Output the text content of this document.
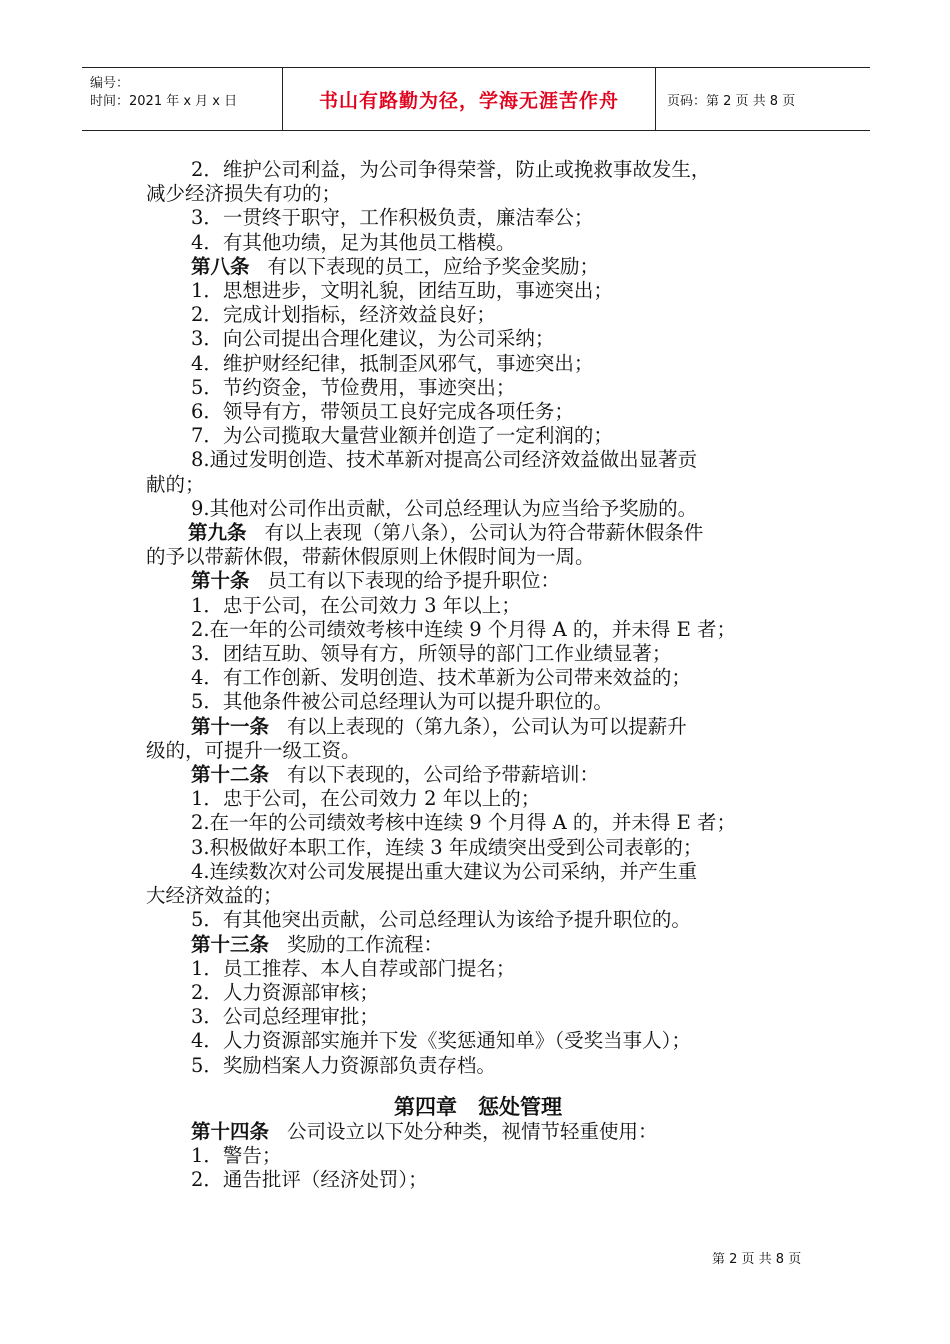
编号：
时间：2021 年 x 月 x 日	书山有路勤为径，学海无涯苦作舟	页码：第 2 页 共 8 页
2．维护公司利益，为公司争得荣誉，防止或挽救事故发生，
减少经济损失有功的；
3．一贯终于职守，工作积极负责，廉洁奉公；
4．有其他功绩，足为其他员工楷模。
第八条 有以下表现的员工，应给予奖金奖励；
1．思想进步，文明礼貌，团结互助，事迹突出；
2．完成计划指标，经济效益良好；
3．向公司提出合理化建议，为公司采纳；
4．维护财经纪律，抵制歪风邪气，事迹突出；
5．节约资金，节俭费用，事迹突出；
6．领导有方，带领员工良好完成各项任务；
7．为公司揽取大量营业额并创造了一定利润的；
8.通过发明创造、技术革新对提高公司经济效益做出显著贡
献的；
9.其他对公司作出贡献，公司总经理认为应当给予奖励的。
第九条 有以上表现（第八条），公司认为符合带薪休假条件
的予以带薪休假，带薪休假原则上休假时间为一周。
第十条 员工有以下表现的给予提升职位：
1．忠于公司，在公司效力 3 年以上；
2.在一年的公司绩效考核中连续 9 个月得 A 的，并未得 E 者；
3．团结互助、领导有方，所领导的部门工作业绩显著；
4．有工作创新、发明创造、技术革新为公司带来效益的；
5．其他条件被公司总经理认为可以提升职位的。
第十一条 有以上表现的（第九条），公司认为可以提薪升
级的，可提升一级工资。
第十二条 有以下表现的，公司给予带薪培训：
1．忠于公司，在公司效力 2 年以上的；
2.在一年的公司绩效考核中连续 9 个月得 A 的，并未得 E 者；
3.积极做好本职工作，连续 3 年成绩突出受到公司表彰的；
4.连续数次对公司发展提出重大建议为公司采纳，并产生重
大经济效益的；
5．有其他突出贡献，公司总经理认为该给予提升职位的。
第十三条 奖励的工作流程：
1．员工推荐、本人自荐或部门提名；
2．人力资源部审核；
3．公司总经理审批；
4．人力资源部实施并下发《奖惩通知单》（受奖当事人）；
5．奖励档案人力资源部负责存档。
第四章　惩处管理
第十四条 公司设立以下处分种类，视情节轻重使用：
1．警告；
2．通告批评（经济处罚）；
第 2 页 共 8 页
